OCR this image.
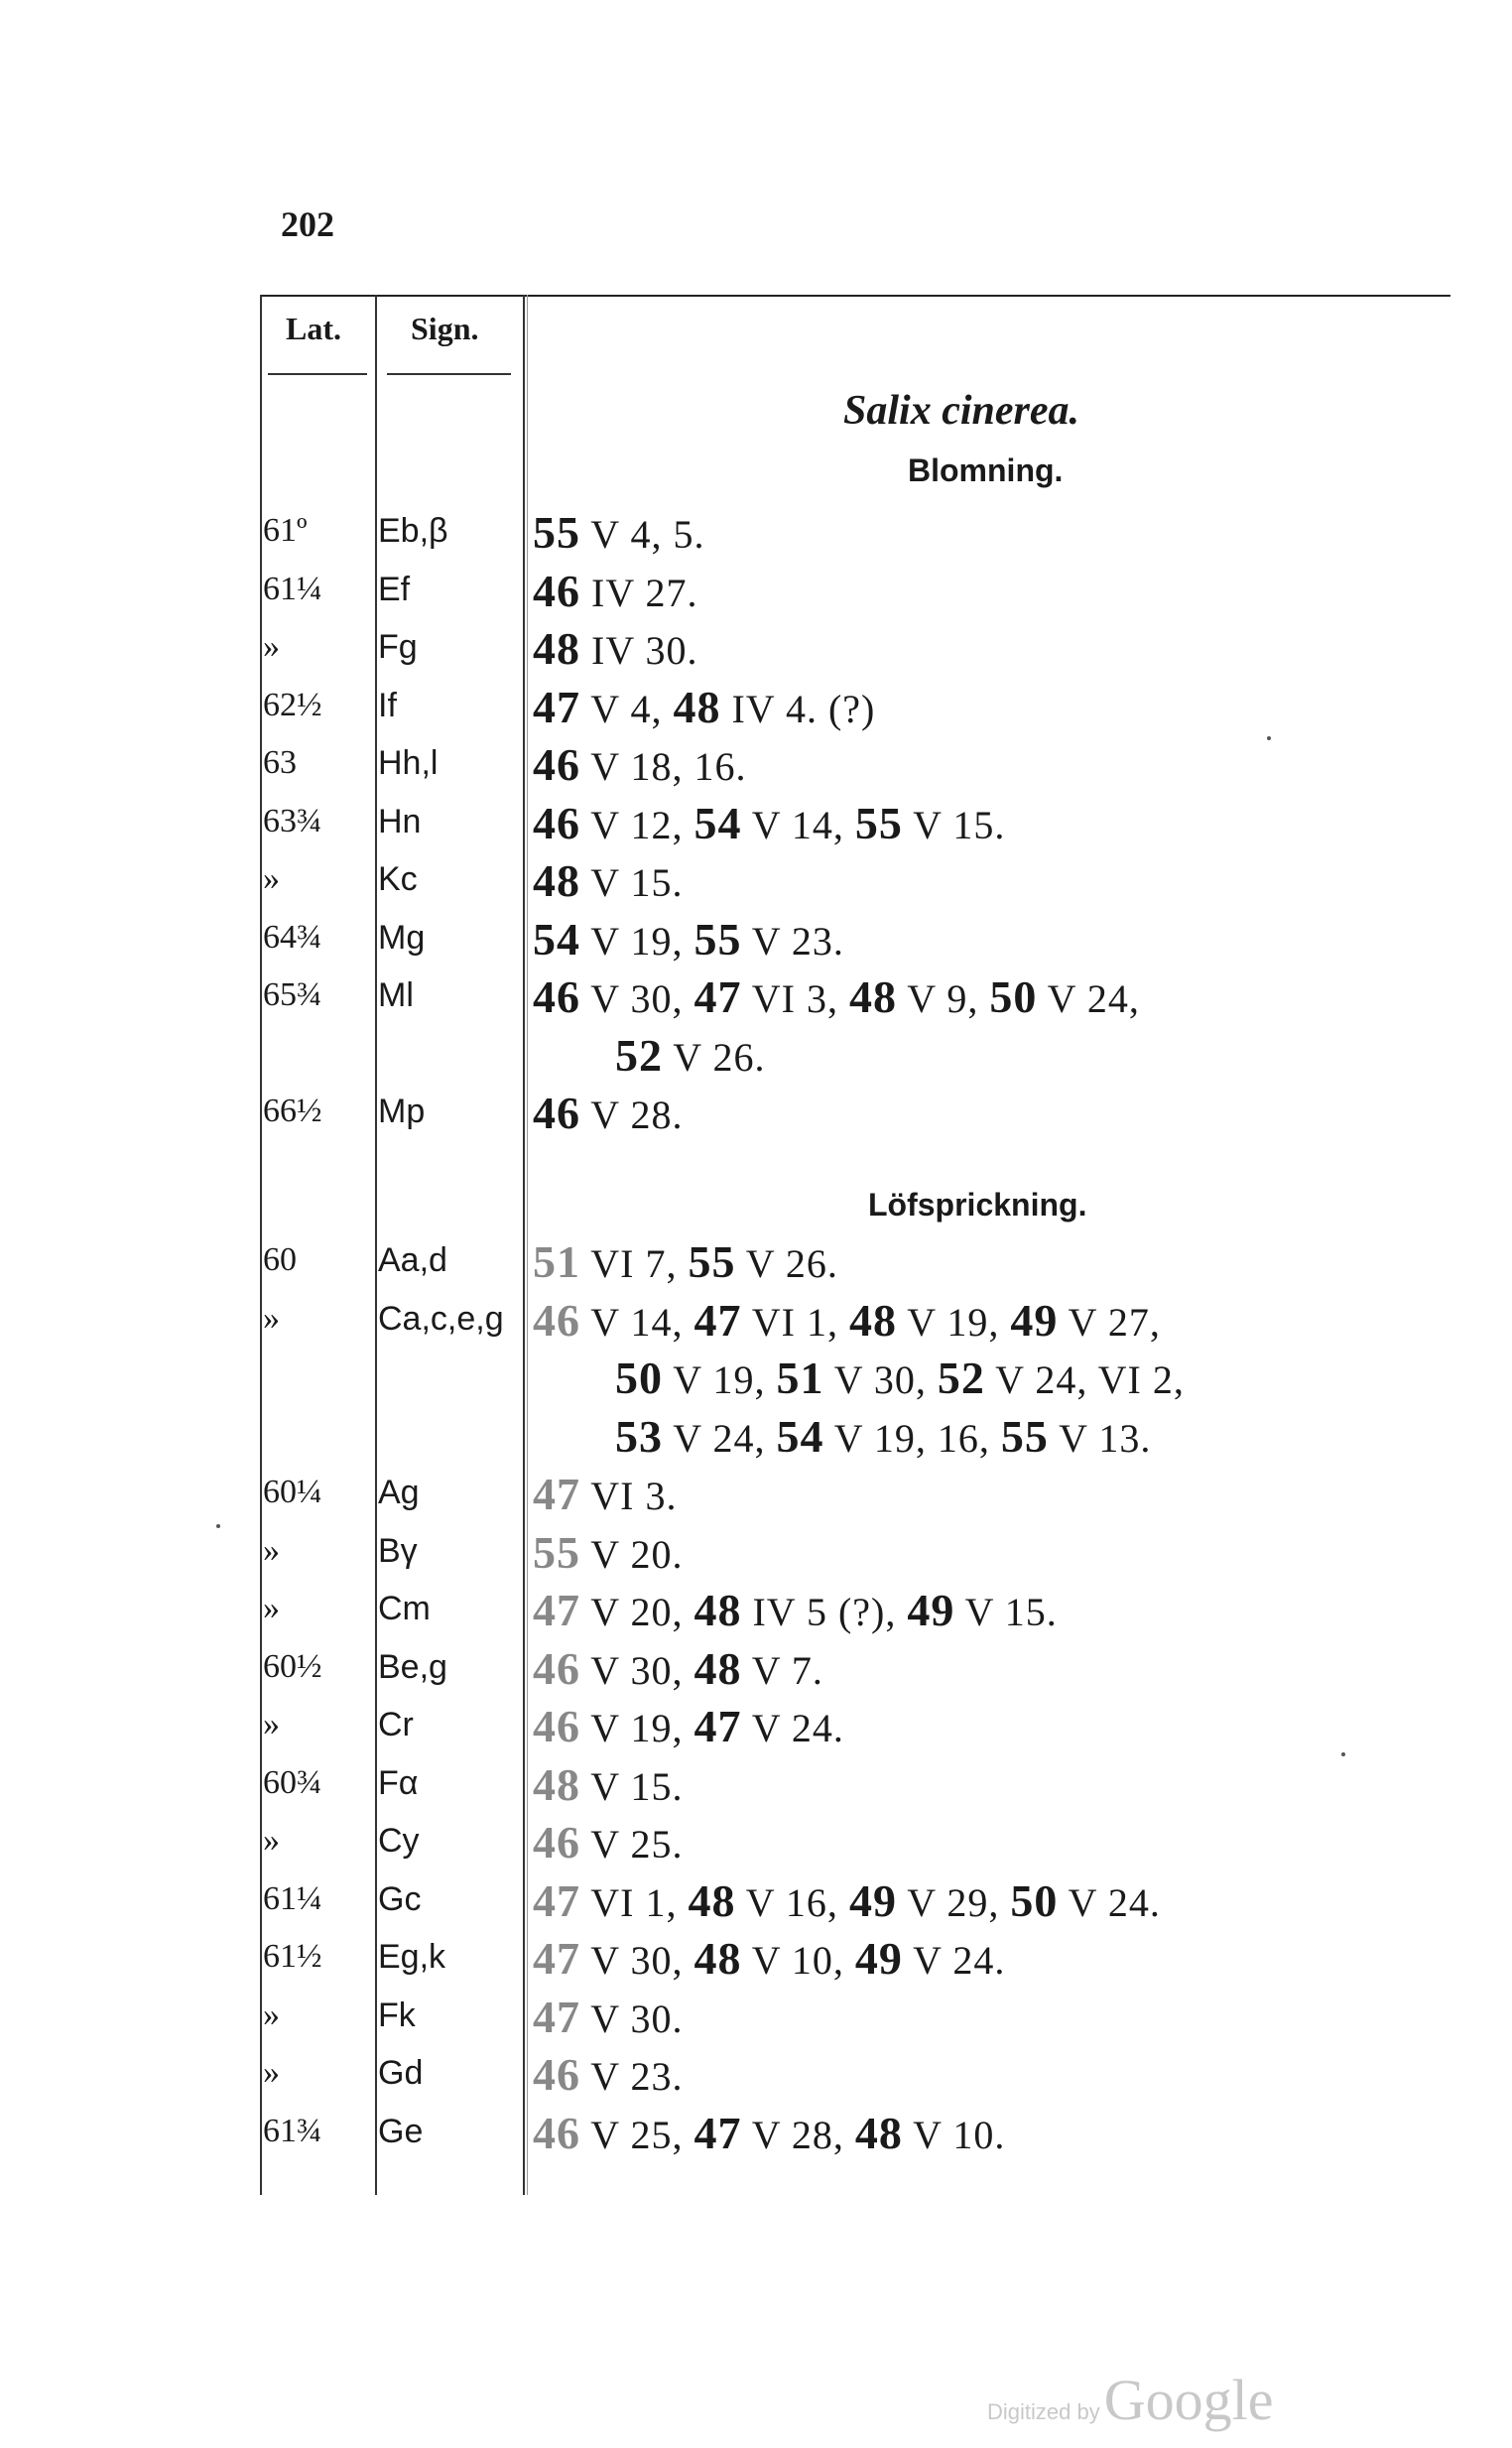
202
Lat. Sign.
Salix cinerea.
Blomning.
Löfsprickning.
61º Eb,β 55 V 4, 5.
61¼ Ef	46 IV 27.
»	Fg	48 IV 30.
62½ If	47 V 4, 48 IV 4. (?)
63 Hh,l 46 V 18, 16.
63¾ Hn 46 V 12, 54 V 14, 55 V 15.
»	Kc	48 V 15.
64¾ Mg 54 V 19, 55 V 23.
65¾ Ml	46 V 30, 47 VI 3, 48 V 9, 50 V 24,
52 V 26.
66½ Mp 46 V 28.
60 Aa,d 51 VI 7, 55 V 26.
»	Ca,c,e,g 46 V 14, 47 VI 1, 48 V 19, 49 V 27,
50 V 19, 51 V 30, 52 V 24, VI 2,
53 V 24, 54 V 19, 16, 55 V 13.
60¼ Ag 47 VI 3.
»	Bγ	55 V 20.
»	Cm 47 V 20, 48 IV 5 (?), 49 V 15.
60½ Be,g 46 V 30, 48 V 7.
»	Cr	46 V 19, 47 V 24.
60¾ Fα	48 V 15.
»	Cy 46 V 25.
61¼ Gc 47 VI 1, 48 V 16, 49 V 29, 50 V 24.
61½ Eg,k 47 V 30, 48 V 10, 49 V 24.
»	Fk	47 V 30.
»	Gd 46 V 23.
61¾ Ge 46 V 25, 47 V 28, 48 V 10.
Digitized by Google
